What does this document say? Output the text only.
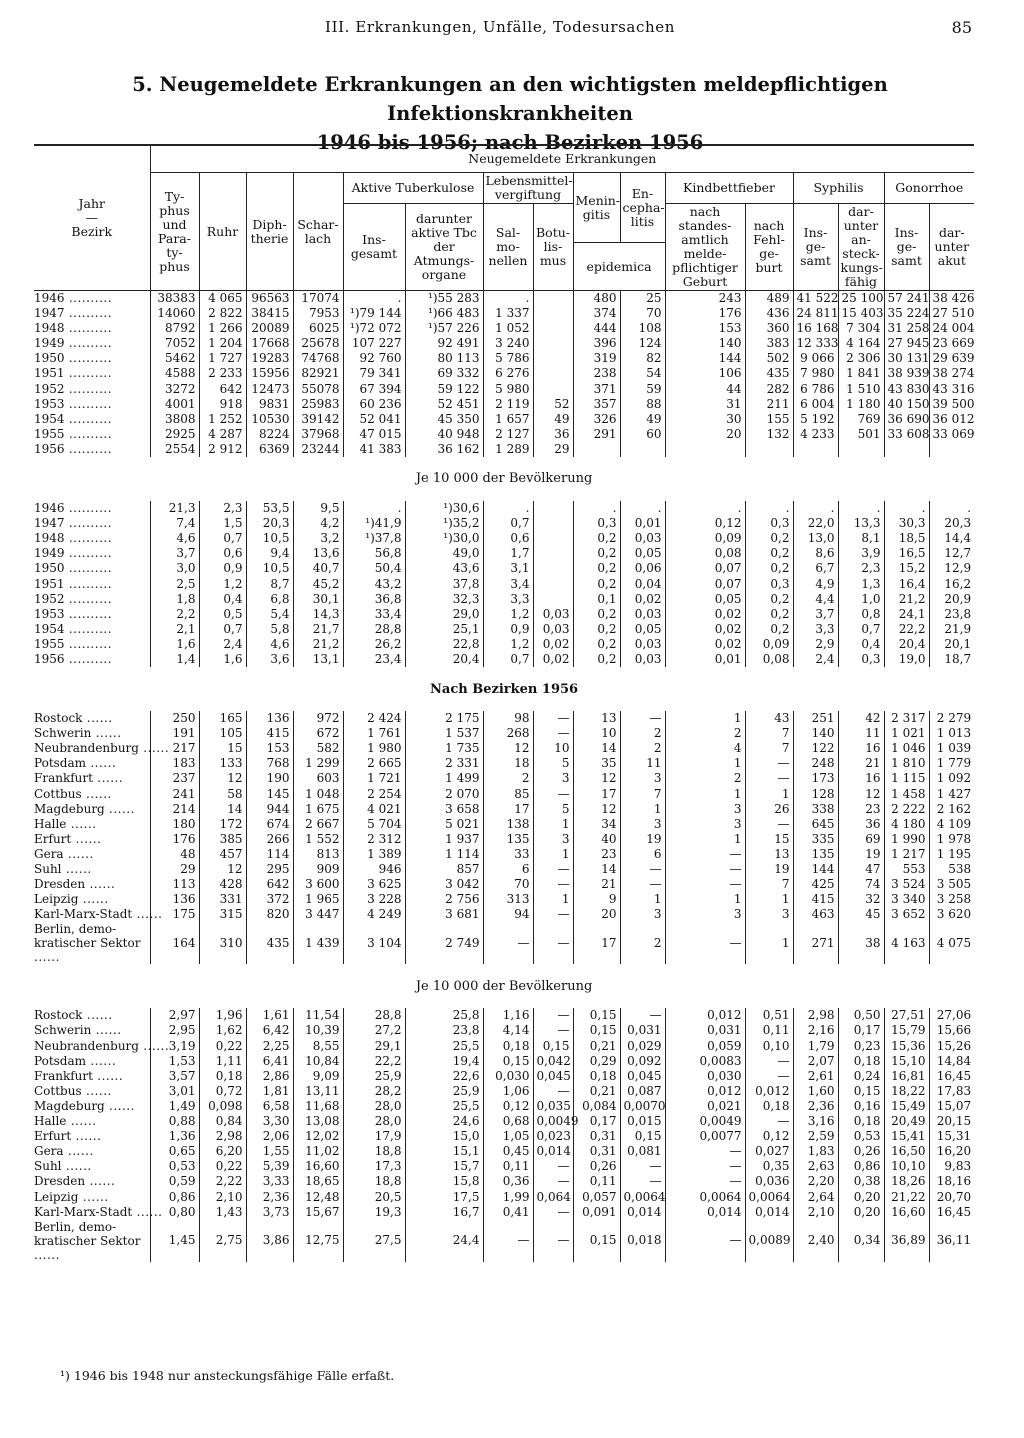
III. Erkrankungen, Unfälle, Todesursachen	85
5. Neugemeldete Erkrankungen an den wichtigsten meldepflichtigen Infektionskrankheiten
1946 bis 1956; nach Bezirken 1956
Jahr
—
Bezirk	Neugemeldete Erkrankungen															
	Ty-phus und Para-ty-phus	Ruhr	Diph-therie	Schar-lach	Aktive Tuberkulose		Lebensmittel-vergiftung		Menin-gitis	En-cepha-litis	Kindbettfieber		Syphilis		Gonorrhoe	
					Ins-gesamt	darunter aktive Tbc der Atmungs-organe	Sal-mo-nellen	Botu-lis-mus			nach standes-amtlich melde-pflichtiger Geburt	nach Fehl-ge-burt	Ins-ge-samt	dar-unter an-steck-kungs-fähig	Ins-ge-samt	dar-unter akut
									epidemica							
1946 .....	38383	4 065	96563	17074	.	¹)55 283	.		480	25	243	489	41 522	25 100	57 241	38 426
1947 .....	14060	2 822	38415	7953	¹)79 144	¹)66 483	1 337		374	70	176	436	24 811	15 403	35 224	27 510
1948 .....	8792	1 266	20089	6025	¹)72 072	¹)57 226	1 052		444	108	153	360	16 168	7 304	31 258	24 004
1949 .....	7052	1 204	17668	25678	107 227	92 491	3 240		396	124	140	383	12 333	4 164	27 945	23 669
1950 .....	5462	1 727	19283	74768	92 760	80 113	5 786		319	82	144	502	9 066	2 306	30 131	29 639
1951 .....	4588	2 233	15956	82921	79 341	69 332	6 276		238	54	106	435	7 980	1 841	38 939	38 274
1952 .....	3272	642	12473	55078	67 394	59 122	5 980		371	59	44	282	6 786	1 510	43 830	43 316
1953 .....	4001	918	9831	25983	60 236	52 451	2 119	52	357	88	31	211	6 004	1 180	40 150	39 500
1954 .....	3808	1 252	10530	39142	52 041	45 350	1 657	49	326	49	30	155	5 192	769	36 690	36 012
1955 .....	2925	4 287	8224	37968	47 015	40 948	2 127	36	291	60	20	132	4 233	501	33 608	33 069
1956 .....	2554	2 912	6369	23244	41 383	36 162	1 289	29								
Je 10 000 der Bevölkerung																
1946 .....	21,3	2,3	53,5	9,5	.	¹)30,6	.		.	.	.	.	.	.	.	.
1947 .....	7,4	1,5	20,3	4,2	¹)41,9	¹)35,2	0,7		0,3	0,01	0,12	0,3	22,0	13,3	30,3	20,3
1948 .....	4,6	0,7	10,5	3,2	¹)37,8	¹)30,0	0,6		0,2	0,03	0,09	0,2	13,0	8,1	18,5	14,4
1949 .....	3,7	0,6	9,4	13,6	56,8	49,0	1,7		0,2	0,05	0,08	0,2	8,6	3,9	16,5	12,7
1950 .....	3,0	0,9	10,5	40,7	50,4	43,6	3,1		0,2	0,06	0,07	0,2	6,7	2,3	15,2	12,9
1951 .....	2,5	1,2	8,7	45,2	43,2	37,8	3,4		0,2	0,04	0,07	0,3	4,9	1,3	16,4	16,2
1952 .....	1,8	0,4	6,8	30,1	36,8	32,3	3,3		0,1	0,02	0,05	0,2	4,4	1,0	21,2	20,9
1953 .....	2,2	0,5	5,4	14,3	33,4	29,0	1,2	0,03	0,2	0,03	0,02	0,2	3,7	0,8	24,1	23,8
1954 .....	2,1	0,7	5,8	21,7	28,8	25,1	0,9	0,03	0,2	0,05	0,02	0,2	3,3	0,7	22,2	21,9
1955 .....	1,6	2,4	4,6	21,2	26,2	22,8	1,2	0,02	0,2	0,03	0,02	0,09	2,9	0,4	20,4	20,1
1956 .....	1,4	1,6	3,6	13,1	23,4	20,4	0,7	0,02	0,2	0,03	0,01	0,08	2,4	0,3	19,0	18,7
Nach Bezirken 1956																
Rostock ......	250	165	136	972	2 424	2 175	98	—	13	—	1	43	251	42	2 317	2 279
Schwerin ......	191	105	415	672	1 761	1 537	268	—	10	2	2	7	140	11	1 021	1 013
Neubrandenburg ......	217	15	153	582	1 980	1 735	12	10	14	2	4	7	122	16	1 046	1 039
Potsdam ......	183	133	768	1 299	2 665	2 331	18	5	35	11	1	—	248	21	1 810	1 779
Frankfurt ......	237	12	190	603	1 721	1 499	2	3	12	3	2	—	173	16	1 115	1 092
Cottbus ......	241	58	145	1 048	2 254	2 070	85	—	17	7	1	1	128	12	1 458	1 427
Magdeburg ......	214	14	944	1 675	4 021	3 658	17	5	12	1	3	26	338	23	2 222	2 162
Halle ......	180	172	674	2 667	5 704	5 021	138	1	34	3	3	—	645	36	4 180	4 109
Erfurt ......	176	385	266	1 552	2 312	1 937	135	3	40	19	1	15	335	69	1 990	1 978
Gera ......	48	457	114	813	1 389	1 114	33	1	23	6	—	13	135	19	1 217	1 195
Suhl ......	29	12	295	909	946	857	6	—	14	—	—	19	144	47	553	538
Dresden ......	113	428	642	3 600	3 625	3 042	70	—	21	—	—	7	425	74	3 524	3 505
Leipzig ......	136	331	372	1 965	3 228	2 756	313	1	9	1	1	1	415	32	3 340	3 258
Karl-Marx-Stadt ......	175	315	820	3 447	4 249	3 681	94	—	20	3	3	3	463	45	3 652	3 620
Berlin, demo-kratischer Sektor ......	164	310	435	1 439	3 104	2 749	—	—	17	2	—	1	271	38	4 163	4 075
Je 10 000 der Bevölkerung																
Rostock ......	2,97	1,96	1,61	11,54	28,8	25,8	1,16	—	0,15	—	0,012	0,51	2,98	0,50	27,51	27,06
Schwerin ......	2,95	1,62	6,42	10,39	27,2	23,8	4,14	—	0,15	0,031	0,031	0,11	2,16	0,17	15,79	15,66
Neubrandenburg ......	3,19	0,22	2,25	8,55	29,1	25,5	0,18	0,15	0,21	0,029	0,059	0,10	1,79	0,23	15,36	15,26
Potsdam ......	1,53	1,11	6,41	10,84	22,2	19,4	0,15	0,042	0,29	0,092	0,0083	—	2,07	0,18	15,10	14,84
Frankfurt ......	3,57	0,18	2,86	9,09	25,9	22,6	0,030	0,045	0,18	0,045	0,030	—	2,61	0,24	16,81	16,45
Cottbus ......	3,01	0,72	1,81	13,11	28,2	25,9	1,06	—	0,21	0,087	0,012	0,012	1,60	0,15	18,22	17,83
Magdeburg ......	1,49	0,098	6,58	11,68	28,0	25,5	0,12	0,035	0,084	0,0070	0,021	0,18	2,36	0,16	15,49	15,07
Halle ......	0,88	0,84	3,30	13,08	28,0	24,6	0,68	0,0049	0,17	0,015	0,0049	—	3,16	0,18	20,49	20,15
Erfurt ......	1,36	2,98	2,06	12,02	17,9	15,0	1,05	0,023	0,31	0,15	0,0077	0,12	2,59	0,53	15,41	15,31
Gera ......	0,65	6,20	1,55	11,02	18,8	15,1	0,45	0,014	0,31	0,081	—	0,027	1,83	0,26	16,50	16,20
Suhl ......	0,53	0,22	5,39	16,60	17,3	15,7	0,11	—	0,26	—	—	0,35	2,63	0,86	10,10	9,83
Dresden ......	0,59	2,22	3,33	18,65	18,8	15,8	0,36	—	0,11	—	—	0,036	2,20	0,38	18,26	18,16
Leipzig ......	0,86	2,10	2,36	12,48	20,5	17,5	1,99	0,064	0,057	0,0064	0,0064	0,0064	2,64	0,20	21,22	20,70
Karl-Marx-Stadt ......	0,80	1,43	3,73	15,67	19,3	16,7	0,41	—	0,091	0,014	0,014	0,014	2,10	0,20	16,60	16,45
Berlin, demo-kratischer Sektor ......	1,45	2,75	3,86	12,75	27,5	24,4	—	—	0,15	0,018	—	0,0089	2,40	0,34	36,89	36,11
¹) 1946 bis 1948 nur ansteckungsfähige Fälle erfaßt.
